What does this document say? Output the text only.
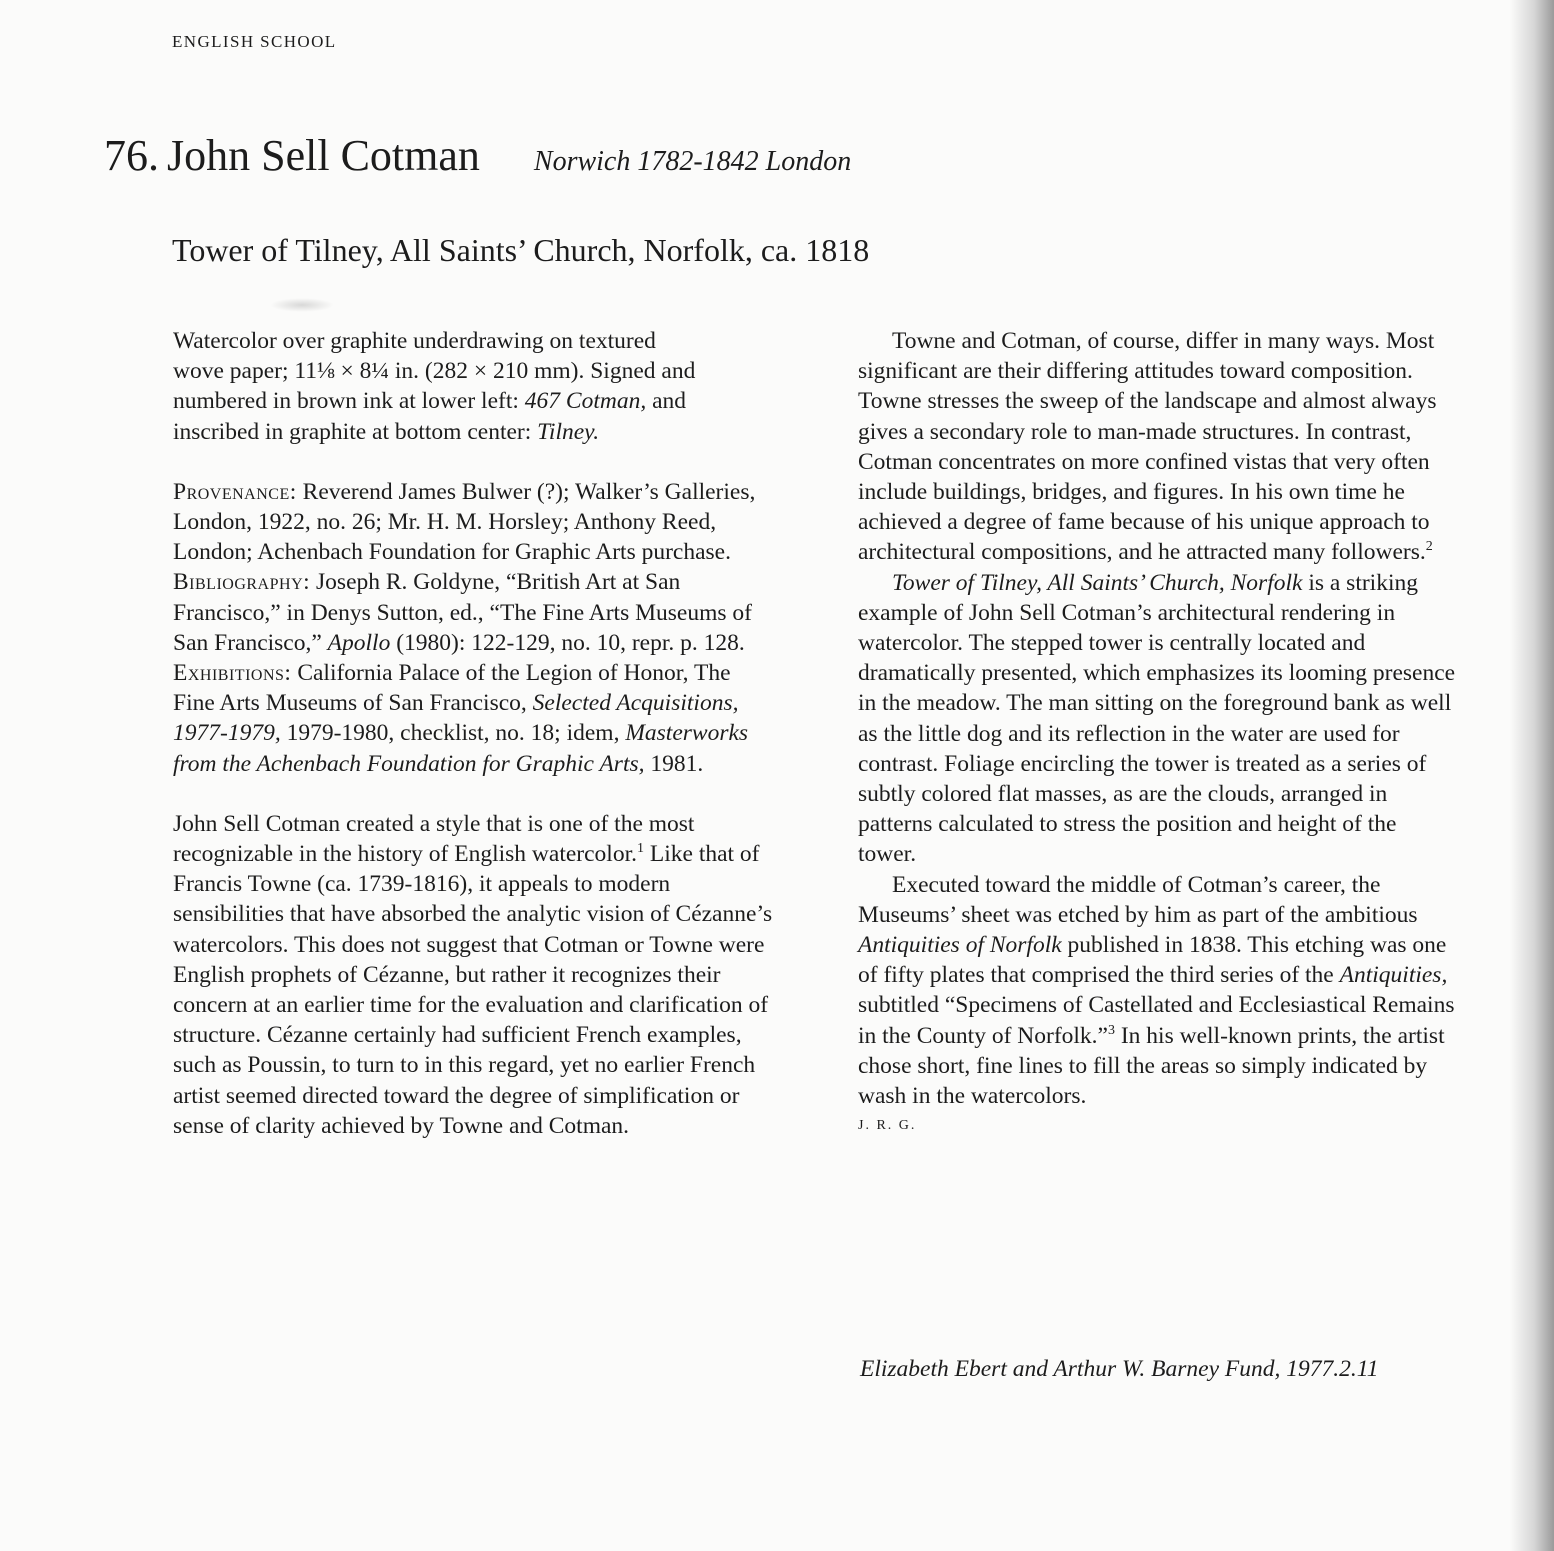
ENGLISH SCHOOL
76. John Sell Cotman Norwich 1782-1842 London
Tower of Tilney, All Saints’ Church, Norfolk, ca. 1818

Watercolor over graphite underdrawing on textured
wove paper; 11⅛ × 8¼ in. (282 × 210 mm). Signed and
numbered in brown ink at lower left: 467 Cotman, and
inscribed in graphite at bottom center: Tilney.

Provenance: Reverend James Bulwer (?); Walker’s Galleries, London, 1922, no. 26; Mr. H. M. Horsley; Anthony Reed, London; Achenbach Foundation for Graphic Arts purchase.

Bibliography: Joseph R. Goldyne, “British Art at San Francisco,” in Denys Sutton, ed., “The Fine Arts Museums of San Francisco,” Apollo (1980): 122-129, no. 10, repr. p. 128.

Exhibitions: California Palace of the Legion of Honor, The Fine Arts Museums of San Francisco, Selected Acquisitions, 1977-1979, 1979-1980, checklist, no. 18; idem, Masterworks from the Achenbach Foundation for Graphic Arts, 1981.

John Sell Cotman created a style that is one of the most recognizable in the history of English watercolor.$^1$ Like that of Francis Towne (ca. 1739-1816), it appeals to modern sensibilities that have absorbed the analytic vision of Cézanne’s watercolors. This does not suggest that Cotman or Towne were English prophets of Cézanne, but rather it recognizes their concern at an earlier time for the evaluation and clarification of structure. Cézanne certainly had sufficient French examples, such as Poussin, to turn to in this regard, yet no earlier French artist seemed directed toward the degree of simplification or sense of clarity achieved by Towne and Cotman.

Towne and Cotman, of course, differ in many ways. Most significant are their differing attitudes toward composition. Towne stresses the sweep of the landscape and almost always gives a secondary role to man-made structures. In contrast, Cotman concentrates on more confined vistas that very often include buildings, bridges, and figures. In his own time he achieved a degree of fame because of his unique approach to architectural compositions, and he attracted many followers.$^2$

Tower of Tilney, All Saints’ Church, Norfolk is a striking example of John Sell Cotman’s architectural rendering in watercolor. The stepped tower is centrally located and dramatically presented, which emphasizes its looming presence in the meadow. The man sitting on the foreground bank as well as the little dog and its reflection in the water are used for contrast. Foliage encircling the tower is treated as a series of subtly colored flat masses, as are the clouds, arranged in patterns calculated to stress the position and height of the tower.

Executed toward the middle of Cotman’s career, the Museums’ sheet was etched by him as part of the ambitious Antiquities of Norfolk published in 1838. This etching was one of fifty plates that comprised the third series of the Antiquities, subtitled “Specimens of Castellated and Ecclesiastical Remains in the County of Norfolk.”$^3$ In his well-known prints, the artist chose short, fine lines to fill the areas so simply indicated by wash in the watercolors.

J. R. G.

Elizabeth Ebert and Arthur W. Barney Fund, 1977.2.11
